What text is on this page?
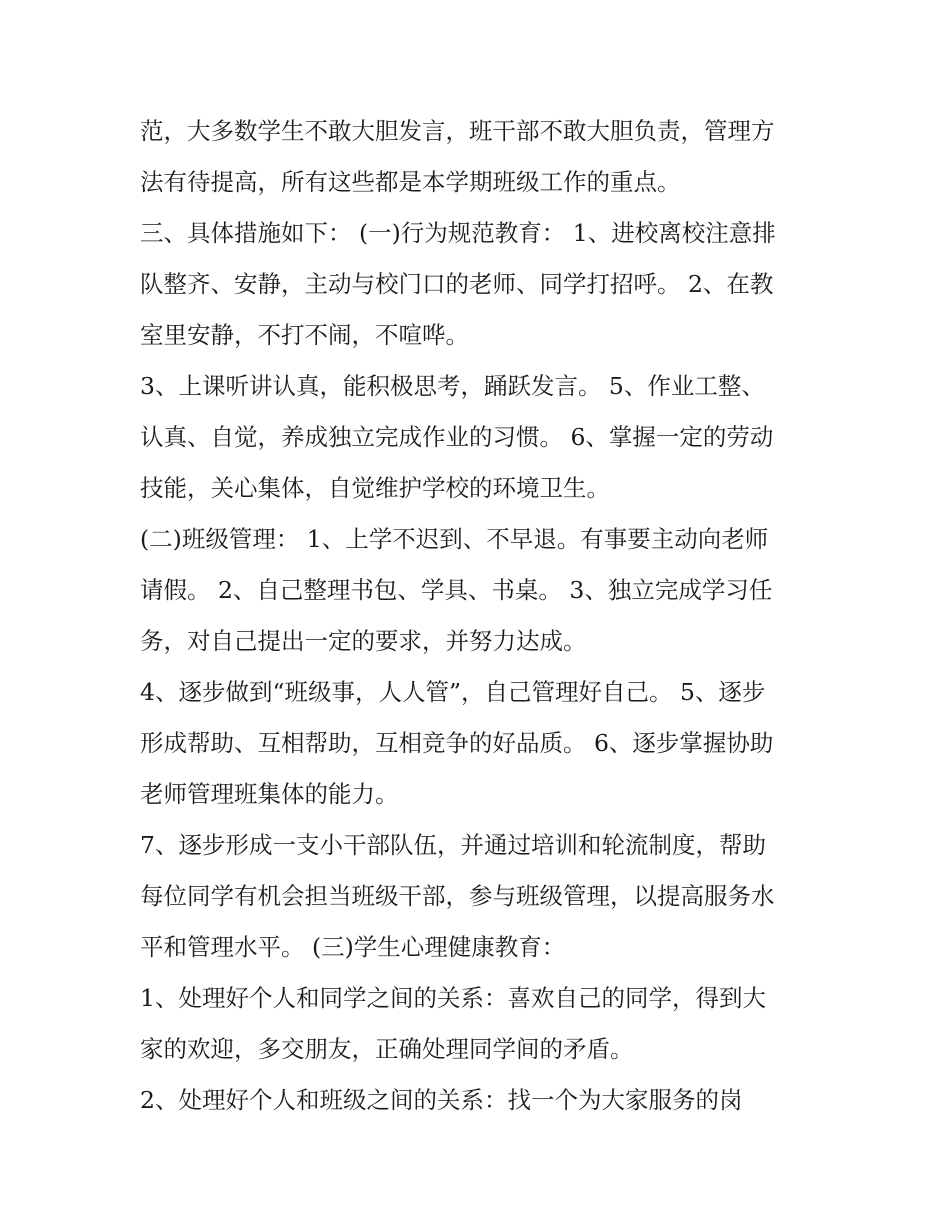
范，大多数学生不敢大胆发言，班干部不敢大胆负责，管理方
法有待提高，所有这些都是本学期班级工作的重点。
三、具体措施如下： (一)行为规范教育： 1、进校离校注意排
队整齐、安静，主动与校门口的老师、同学打招呼。 2、在教
室里安静，不打不闹，不喧哗。
3、上课听讲认真，能积极思考，踊跃发言。 5、作业工整、
认真、自觉，养成独立完成作业的习惯。 6、掌握一定的劳动
技能，关心集体，自觉维护学校的环境卫生。
(二)班级管理： 1、上学不迟到、不早退。有事要主动向老师
请假。 2、自己整理书包、学具、书桌。 3、独立完成学习任
务，对自己提出一定的要求，并努力达成。
4、逐步做到“班级事，人人管”，自己管理好自己。 5、逐步
形成帮助、互相帮助，互相竞争的好品质。 6、逐步掌握协助
老师管理班集体的能力。
7、逐步形成一支小干部队伍，并通过培训和轮流制度，帮助
每位同学有机会担当班级干部，参与班级管理，以提高服务水
平和管理水平。 (三)学生心理健康教育：
1、处理好个人和同学之间的关系：喜欢自己的同学，得到大
家的欢迎，多交朋友，正确处理同学间的矛盾。
2、处理好个人和班级之间的关系：找一个为大家服务的岗
